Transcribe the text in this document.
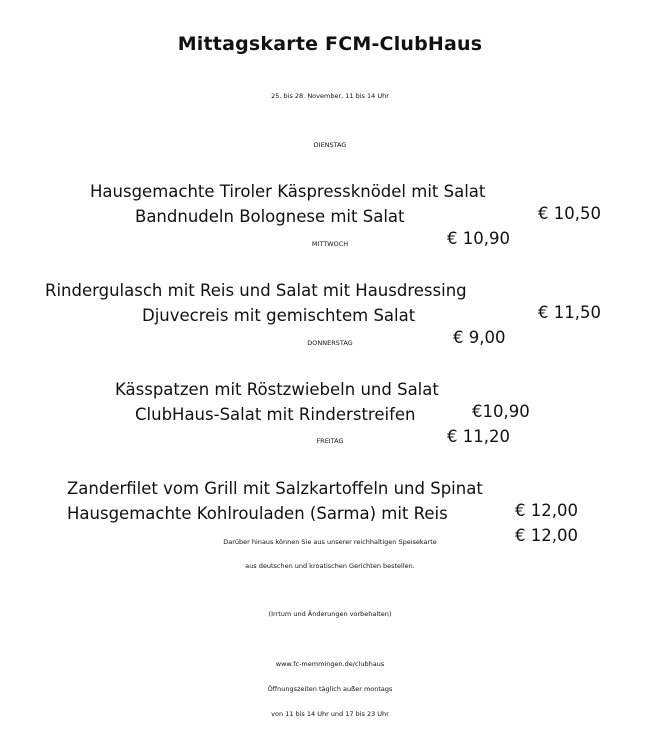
Mittagskarte FCM-ClubHaus
25. bis 28. November, 11 bis 14 Uhr
DIENSTAG

Hausgemachte Tiroler Käspressknödel mit Salat

€ 10,50

Bandnudeln Bolognese mit Salat

€ 10,90

MITTWOCH

Rindergulasch mit Reis und Salat mit Hausdressing

€ 11,50

Djuvecreis mit gemischtem Salat

€ 9,00

DONNERSTAG

Kässpatzen mit Röstzwiebeln und Salat

€10,90

ClubHaus-Salat mit Rinderstreifen

€ 11,20

FREITAG

Zanderfilet vom Grill mit Salzkartoffeln und Spinat

€ 12,00

Hausgemachte Kohlrouladen (Sarma) mit Reis

€ 12,00

Darüber hinaus können Sie aus unserer reichhaltigen Speisekarte
aus deutschen und kroatischen Gerichten bestellen.
(Irrtum und Änderungen vorbehalten)
www.fc-memmingen.de/clubhaus
Öffnungszeiten täglich außer montags
von 11 bis 14 Uhr und 17 bis 23 Uhr
